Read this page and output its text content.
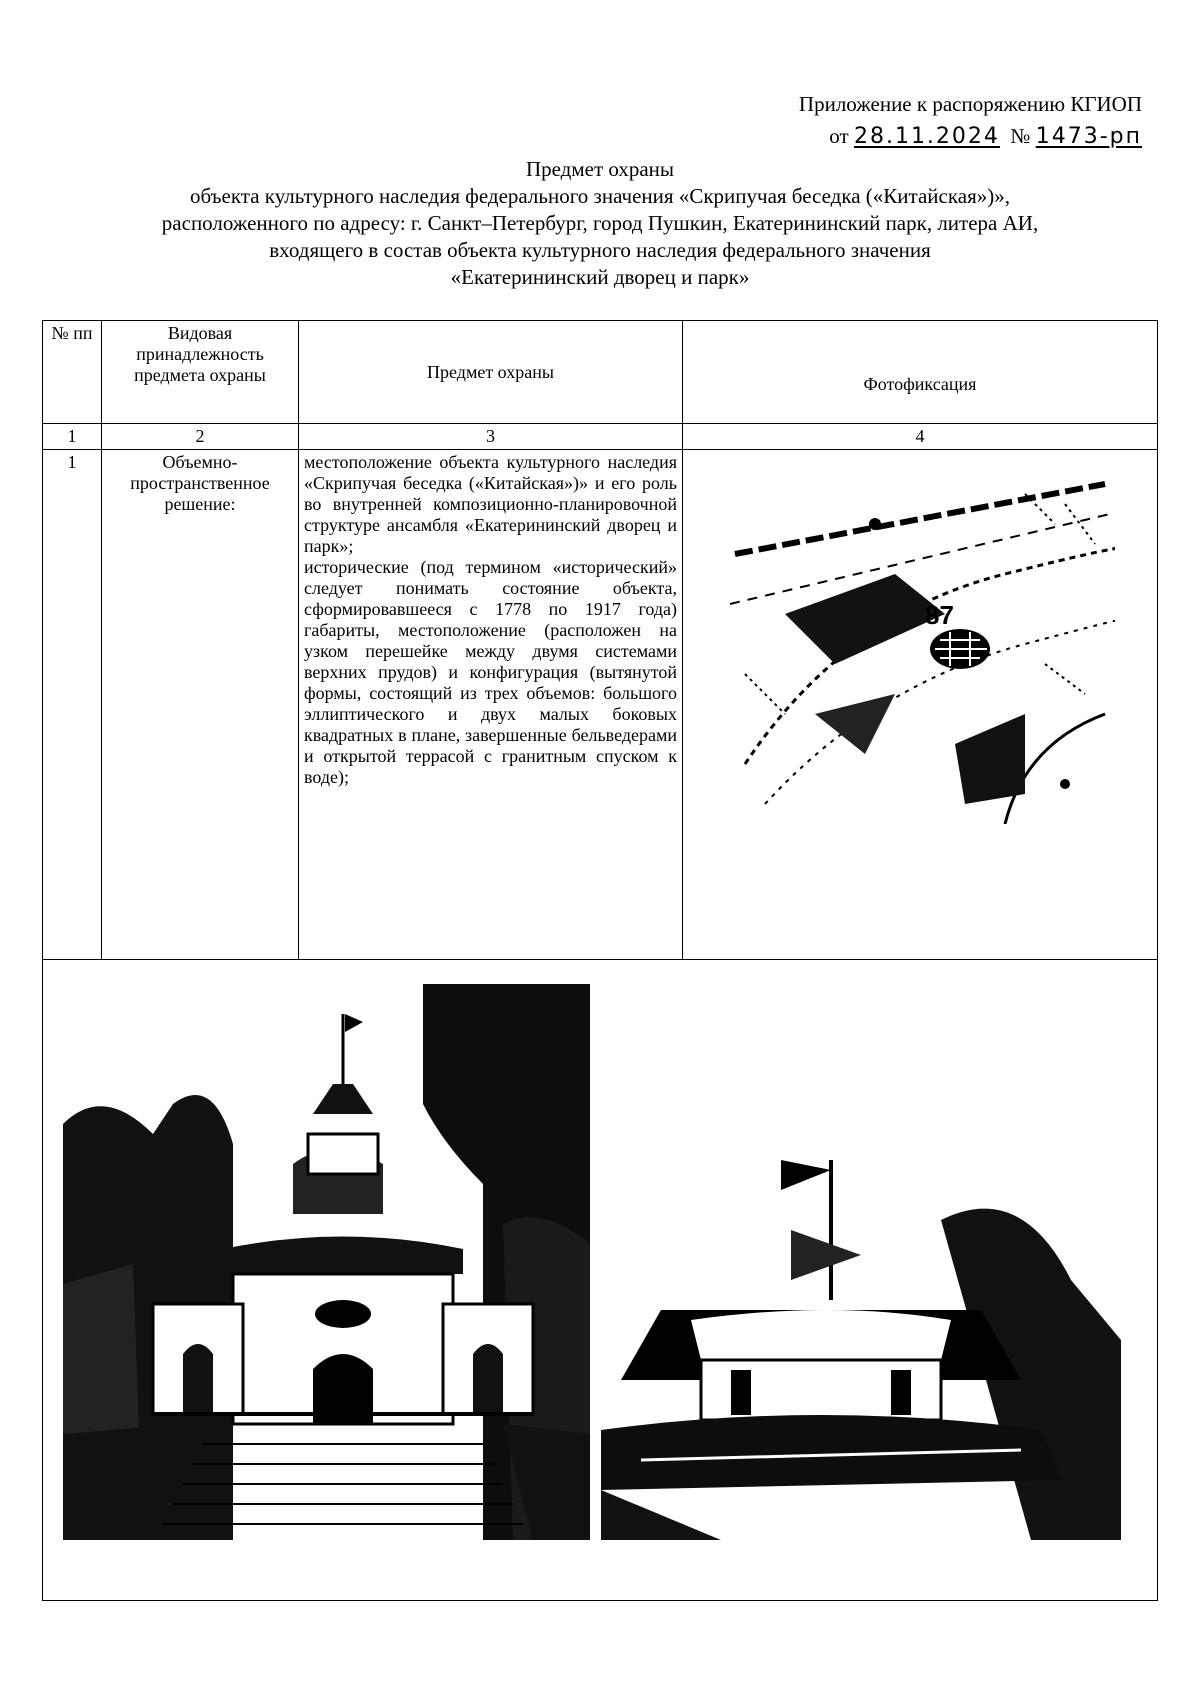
Приложение к распоряжению КГИОП
от 28.11.2024 № 1473-рп
Предмет охраны
объекта культурного наследия федерального значения «Скрипучая беседка («Китайская»)»,
расположенного по адресу: г. Санкт–Петербург, город Пушкин, Екатерининский парк, литера АИ,
входящего в состав объекта культурного наследия федерального значения
«Екатерининский дворец и парк»
№ пп	Видовая принадлежность предмета охраны	Предмет охраны	Фотофиксация
1	2	3	4
1	Объемно-пространственное решение:	местоположение объекта культурного наследия «Скрипучая беседка («Китайская»)» и его роль во внутренней композиционно-планировочной структуре ансамбля «Екатерининский дворец и парк»;

исторические (под термином «исторический» следует понимать состояние объекта, сформировавшееся с 1778 по 1917 года) габариты, местоположение (расположен на узком перешейке между двумя системами верхних прудов) и конфигурация (вытянутой формы, состоящий из трех объемов: большого эллиптического и двух малых боковых квадратных в плане, завершенные бельведерами и открытой террасой с гранитным спуском к воде);	87
